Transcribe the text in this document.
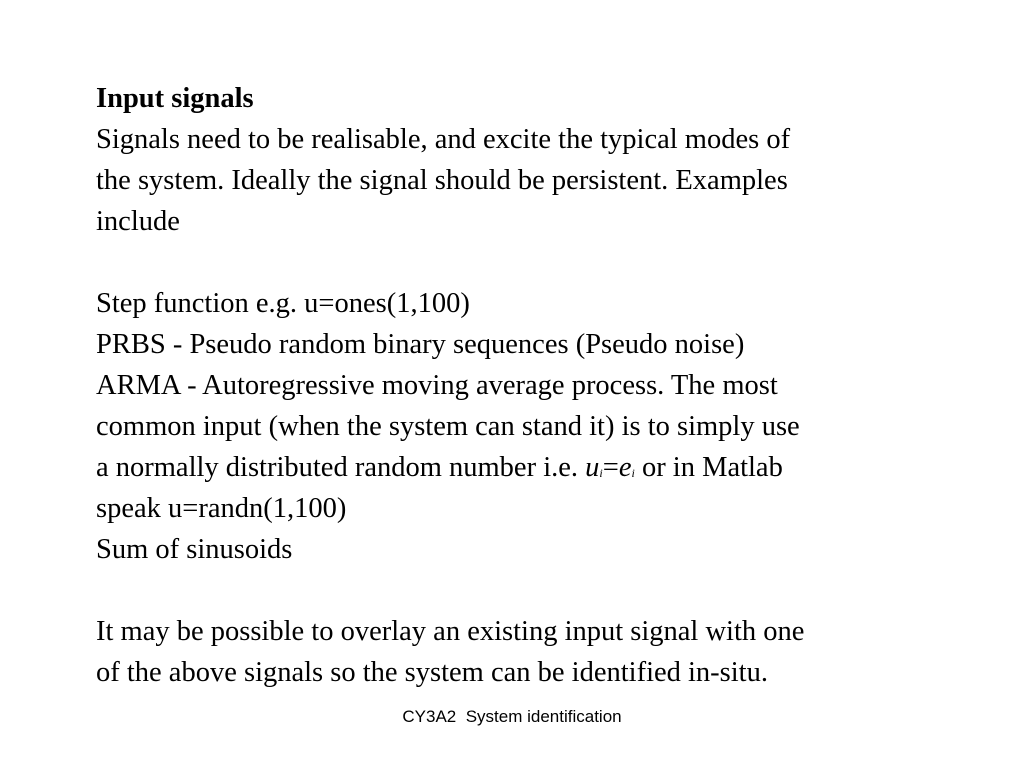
Input signals
Signals need to be realisable, and excite the typical modes of
the system. Ideally the signal should be persistent. Examples
include
Step function e.g. u=ones(1,100)
PRBS - Pseudo random binary sequences (Pseudo noise)
ARMA - Autoregressive moving average process. The most
common input (when the system can stand it) is to simply use
a normally distributed random number i.e. $u_i=e_i$ or in Matlab
speak u=randn(1,100)
Sum of sinusoids
It may be possible to overlay an existing input signal with one
of the above signals so the system can be identified in-situ.
CY3A2  System identification
